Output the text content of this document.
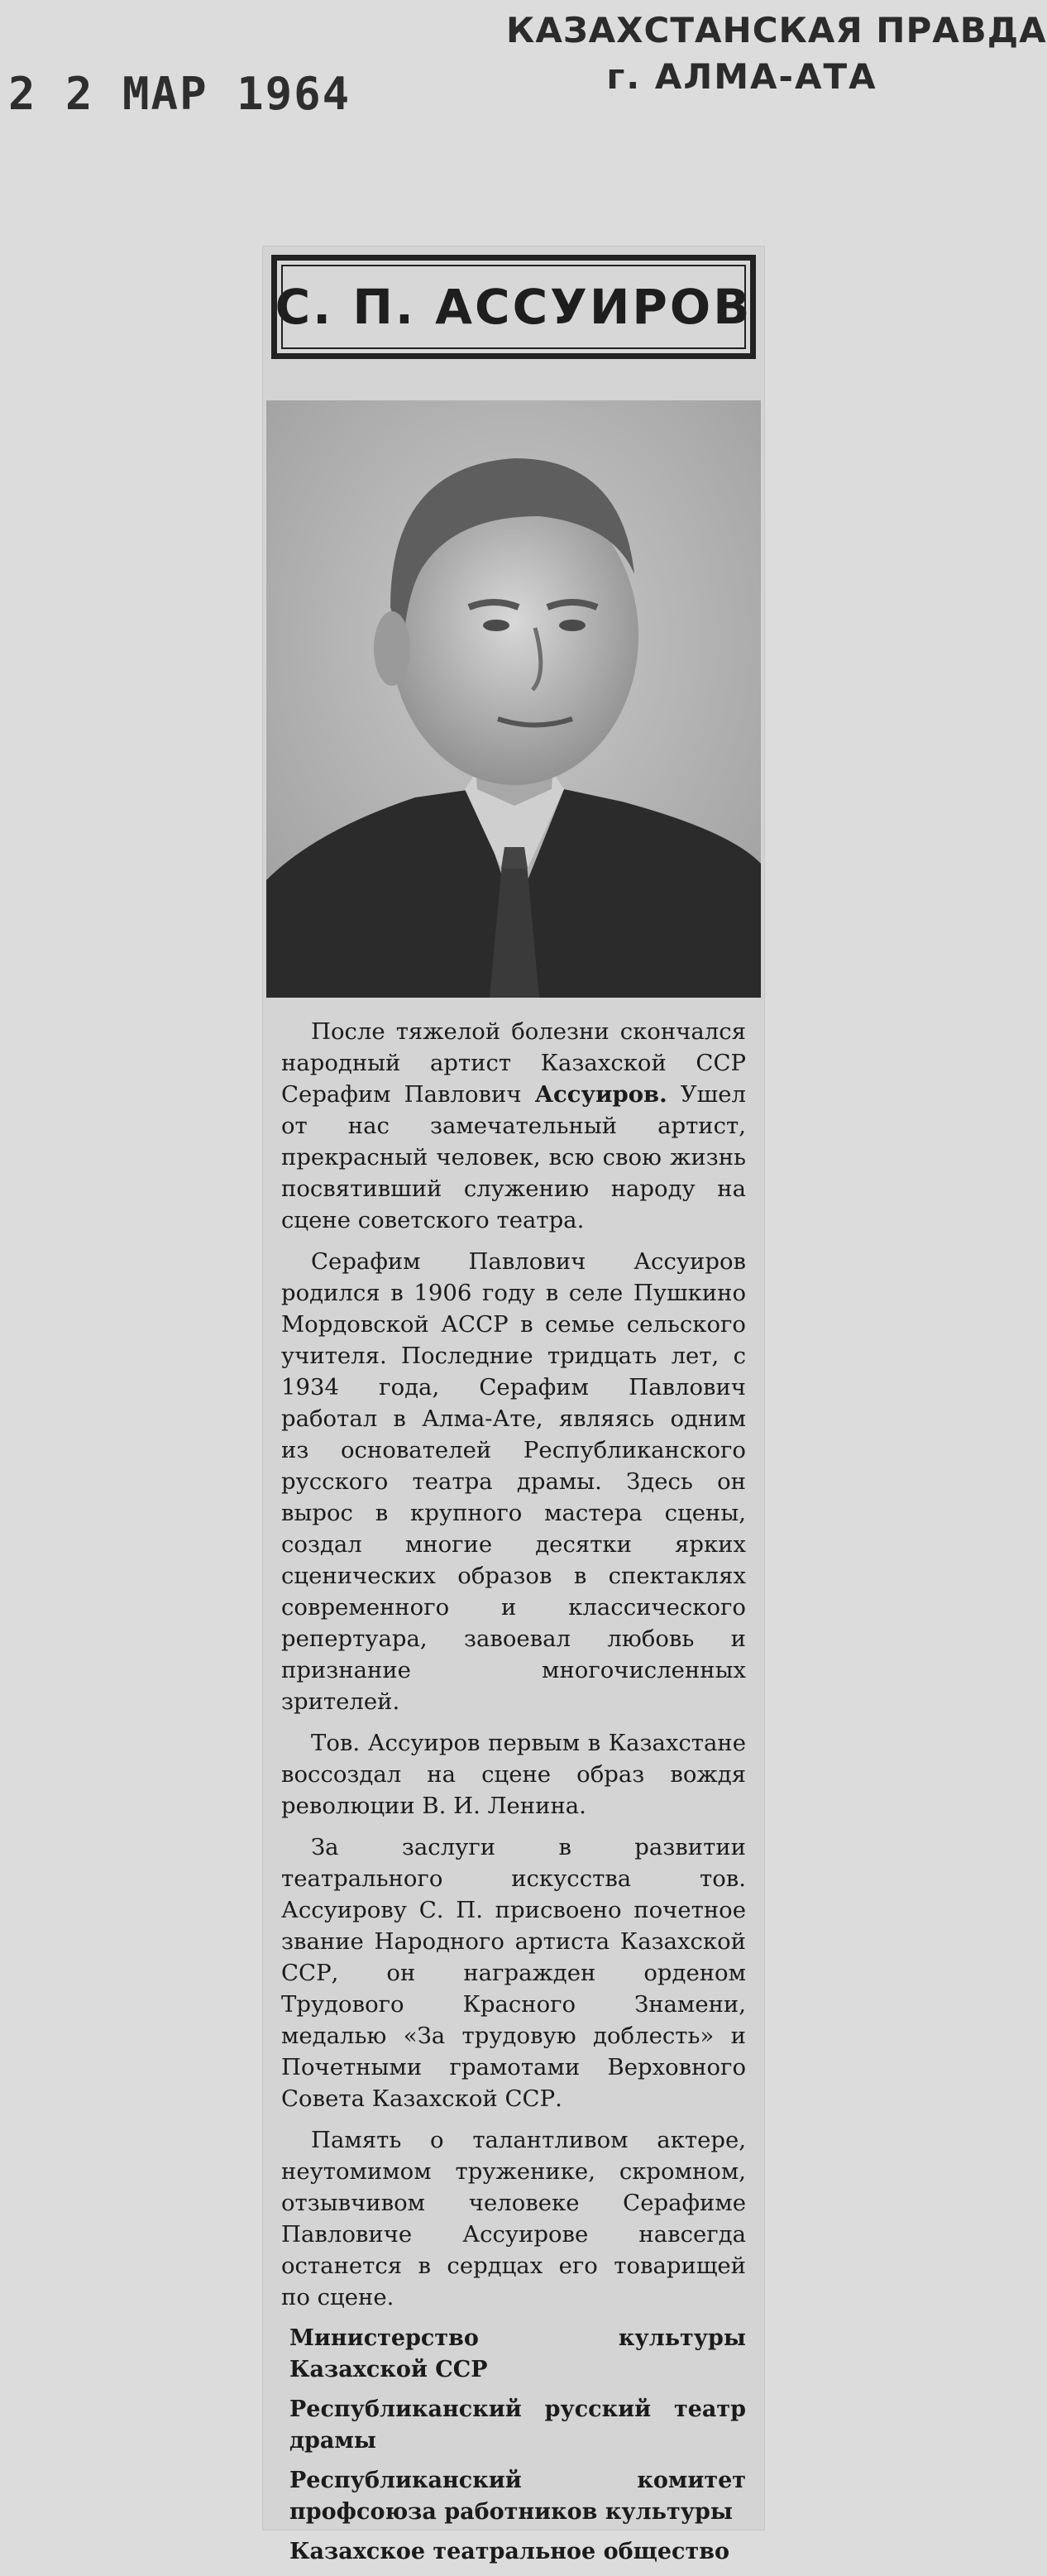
2 2 МАР 1964
КАЗАХСТАНСКАЯ ПРАВДА
г. АЛМА-АТА
С. П. АССУИРОВ

После тяжелой болезни скончался народный артист Казахской ССР Серафим Павлович Ассуиров. Ушел от нас замечательный артист, прекрасный человек, всю свою жизнь посвятивший служению народу на сцене советского театра.

Серафим Павлович Ассуиров родился в 1906 году в селе Пушкино Мордовской АССР в семье сельского учителя. Последние тридцать лет, с 1934 года, Серафим Павлович работал в Алма-Ате, являясь одним из основателей Республиканского русского театра драмы. Здесь он вырос в крупного мастера сцены, создал многие десятки ярких сценических образов в спектаклях современного и классического репертуара, завоевал любовь и признание многочисленных зрителей.

Тов. Ассуиров первым в Казахстане воссоздал на сцене образ вождя революции В. И. Ленина.

За заслуги в развитии театрального искусства тов. Ассуирову С. П. присвоено почетное звание Народного артиста Казахской ССР, он награжден орденом Трудового Красного Знамени, медалью «За трудовую доблесть» и Почетными грамотами Верховного Совета Казахской ССР.

Память о талантливом актере, неутомимом труженике, скромном, отзывчивом человеке Серафиме Павловиче Ассуирове навсегда останется в сердцах его товарищей по сцене.

Министерство культуры Казахской ССР
Республиканский русский театр драмы
Республиканский комитет профсоюза работников культуры
Казахское театральное общество
